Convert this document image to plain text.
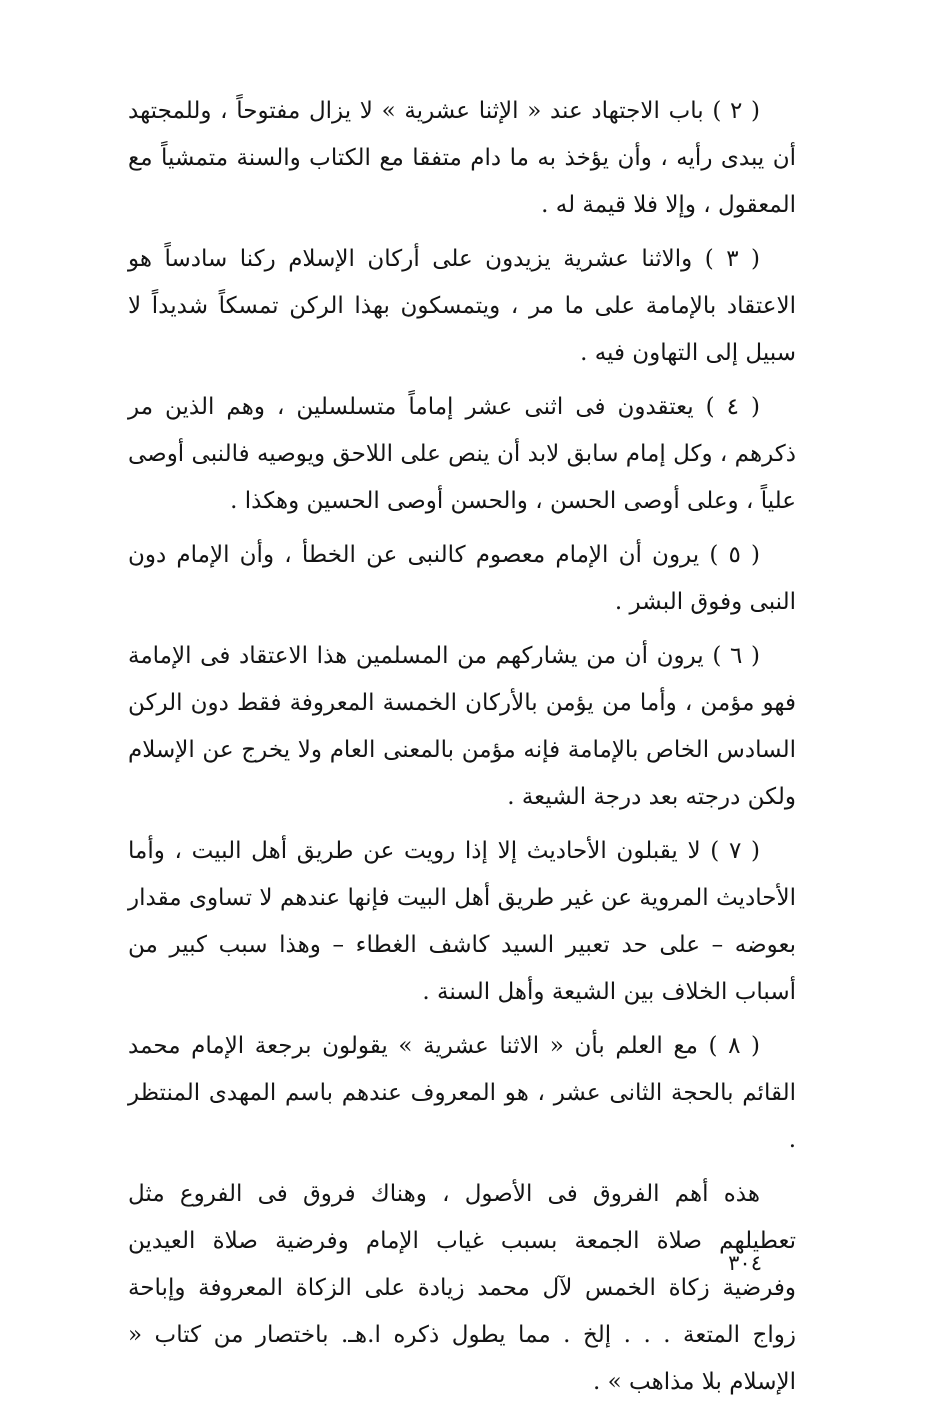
( ٢ ) باب الاجتهاد عند « الإثنا عشرية » لا يزال مفتوحاً ، وللمجتهد أن يبدى رأيه ، وأن يؤخذ به ما دام متفقا مع الكتاب والسنة متمشياً مع المعقول ، وإلا فلا قيمة له .

( ٣ ) والاثنا عشرية يزيدون على أركان الإسلام ركنا سادساً هو الاعتقاد بالإمامة على ما مر ، ويتمسكون بهذا الركن تمسكاً شديداً لا سبيل إلى التهاون فيه .

( ٤ ) يعتقدون فى اثنى عشر إماماً متسلسلين ، وهم الذين مر ذكرهم ، وكل إمام سابق لابد أن ينص على اللاحق ويوصيه فالنبى أوصى علياً ، وعلى أوصى الحسن ، والحسن أوصى الحسين وهكذا .

( ٥ ) يرون أن الإمام معصوم كالنبى عن الخطأ ، وأن الإمام دون النبى وفوق البشر .

( ٦ ) يرون أن من يشاركهم من المسلمين هذا الاعتقاد فى الإمامة فهو مؤمن ، وأما من يؤمن بالأركان الخمسة المعروفة فقط دون الركن السادس الخاص بالإمامة فإنه مؤمن بالمعنى العام ولا يخرج عن الإسلام ولكن درجته بعد درجة الشيعة .

( ٧ ) لا يقبلون الأحاديث إلا إذا رويت عن طريق أهل البيت ، وأما الأحاديث المروية عن غير طريق أهل البيت فإنها عندهم لا تساوى مقدار بعوضه – على حد تعبير السيد كاشف الغطاء – وهذا سبب كبير من أسباب الخلاف بين الشيعة وأهل السنة .

( ٨ ) مع العلم بأن « الاثنا عشرية » يقولون برجعة الإمام محمد القائم بالحجة الثانى عشر ، هو المعروف عندهم باسم المهدى المنتظر .

هذه أهم الفروق فى الأصول ، وهناك فروق فى الفروع مثل تعطيلهم صلاة الجمعة بسبب غياب الإمام وفرضية صلاة العيدين وفرضية زكاة الخمس لآل محمد زيادة على الزكاة المعروفة وإباحة زواج المتعة . . . إلخ . مما يطول ذكره ا.هـ. باختصار من كتاب « الإسلام بلا مذاهب » .

٣٠٤
